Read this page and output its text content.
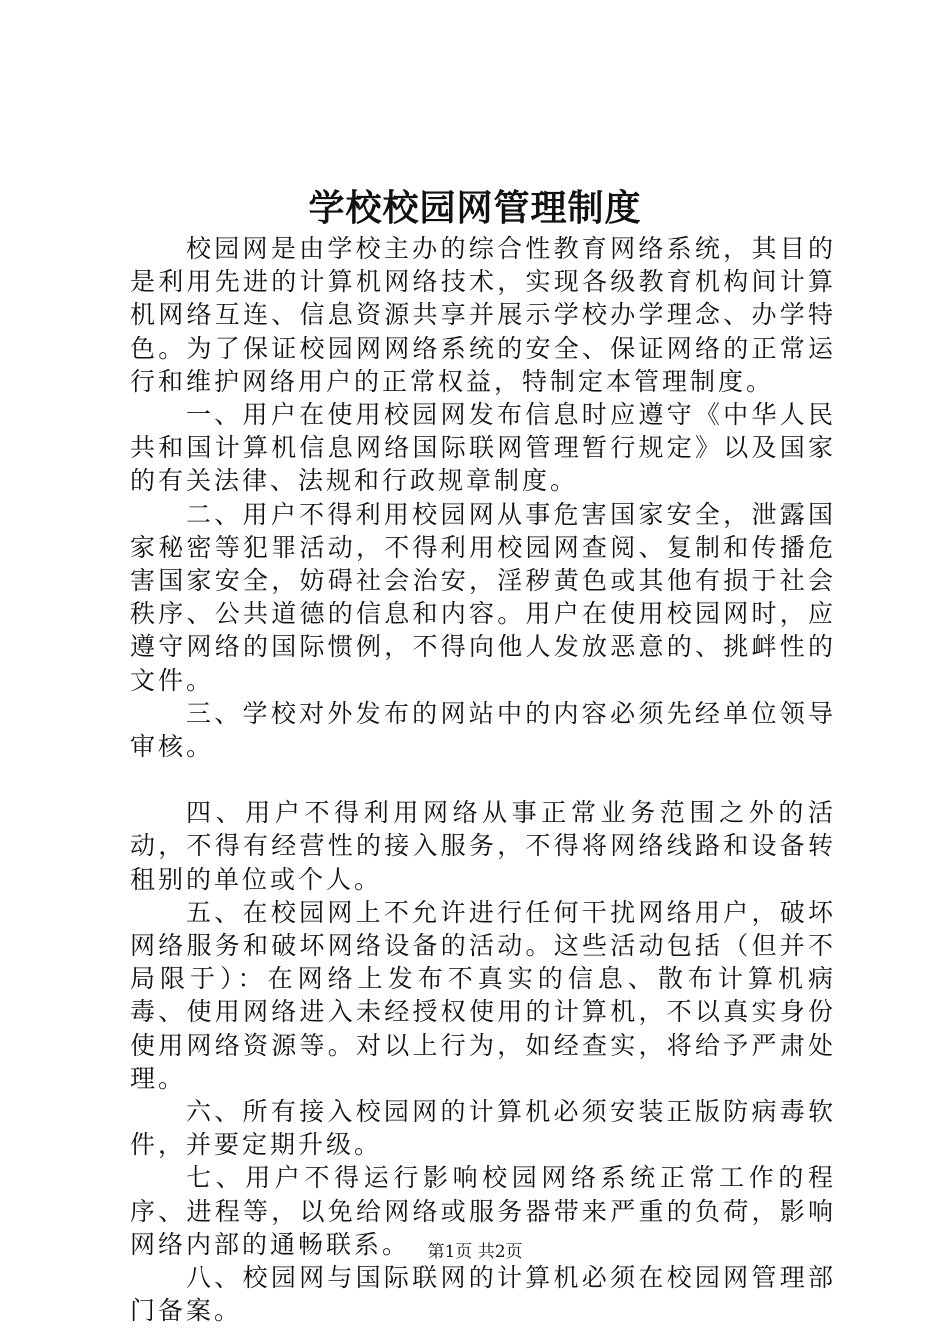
学校校园网管理制度

校园网是由学校主办的综合性教育网络系统，其目的是利用先进的计算机网络技术，实现各级教育机构间计算机网络互连、信息资源共享并展示学校办学理念、办学特色。为了保证校园网网络系统的安全、保证网络的正常运行和维护网络用户的正常权益，特制定本管理制度。

一、用户在使用校园网发布信息时应遵守《中华人民共和国计算机信息网络国际联网管理暂行规定》以及国家的有关法律、法规和行政规章制度。

二、用户不得利用校园网从事危害国家安全，泄露国家秘密等犯罪活动，不得利用校园网查阅、复制和传播危害国家安全，妨碍社会治安，淫秽黄色或其他有损于社会秩序、公共道德的信息和内容。用户在使用校园网时，应遵守网络的国际惯例，不得向他人发放恶意的、挑衅性的文件。

三、学校对外发布的网站中的内容必须先经单位领导审核。

四、用户不得利用网络从事正常业务范围之外的活动，不得有经营性的接入服务，不得将网络线路和设备转租别的单位或个人。

五、在校园网上不允许进行任何干扰网络用户，破坏网络服务和破坏网络设备的活动。这些活动包括（但并不局限于）：在网络上发布不真实的信息、散布计算机病毒、使用网络进入未经授权使用的计算机，不以真实身份使用网络资源等。对以上行为，如经查实，将给予严肃处理。

六、所有接入校园网的计算机必须安装正版防病毒软件，并要定期升级。

七、用户不得运行影响校园网络系统正常工作的程序、进程等，以免给网络或服务器带来严重的负荷，影响网络内部的通畅联系。

八、校园网与国际联网的计算机必须在校园网管理部门备案。

第1页 共2页
